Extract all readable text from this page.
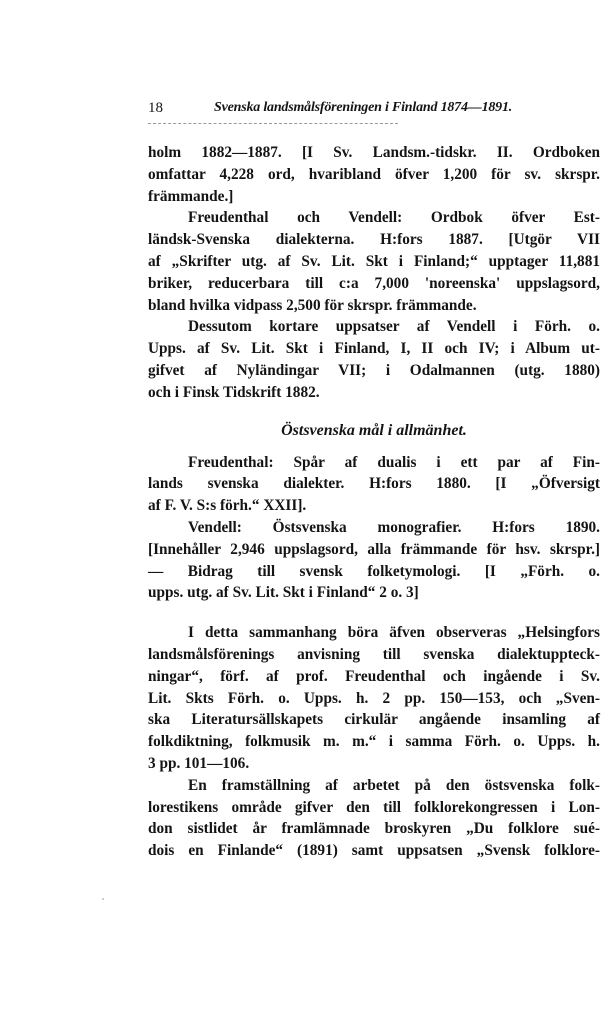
18	Svenska landsmålsföreningen i Finland 1874—1891.
holm 1882—1887. [I Sv. Landsm.-tidskr. II. Ordboken
omfattar 4,228 ord, hvaribland öfver 1,200 för sv. skrspr.
främmande.]
Freudenthal och Vendell: Ordbok öfver Est-
ländsk-Svenska dialekterna. H:fors 1887. [Utgör VII
af „Skrifter utg. af Sv. Lit. Skt i Finland;“ upptager 11,881
briker, reducerbara till c:a 7,000 'noreenska' uppslagsord,
bland hvilka vidpass 2,500 för skrspr. främmande.
Dessutom kortare uppsatser af Vendell i Förh. o.
Upps. af Sv. Lit. Skt i Finland, I, II och IV; i Album ut-
gifvet af Nyländingar VII; i Odalmannen (utg. 1880)
och i Finsk Tidskrift 1882.
Östsvenska mål i allmänhet.
Freudenthal: Spår af dualis i ett par af Fin-
lands svenska dialekter. H:fors 1880. [I „Öfversigt
af F. V. S:s förh.“ XXII].
Vendell: Östsvenska monografier. H:fors 1890.
[Innehåller 2,946 uppslagsord, alla främmande för hsv. skrspr.]
— Bidrag till svensk folketymologi. [I „Förh. o.
upps. utg. af Sv. Lit. Skt i Finland“ 2 o. 3]
I detta sammanhang böra äfven observeras „Helsingfors
landsmålsförenings anvisning till svenska dialektuppteck-
ningar“, förf. af prof. Freudenthal och ingående i Sv.
Lit. Skts Förh. o. Upps. h. 2 pp. 150—153, och „Sven-
ska Literatursällskapets cirkulär angående insamling af
folkdiktning, folkmusik m. m.“ i samma Förh. o. Upps. h.
3 pp. 101—106.
En framställning af arbetet på den östsvenska folk-
lorestikens område gifver den till folklorekongressen i Lon-
don sistlidet år framlämnade broskyren „Du folklore sué-
dois en Finlande“ (1891) samt uppsatsen „Svensk folklore-
